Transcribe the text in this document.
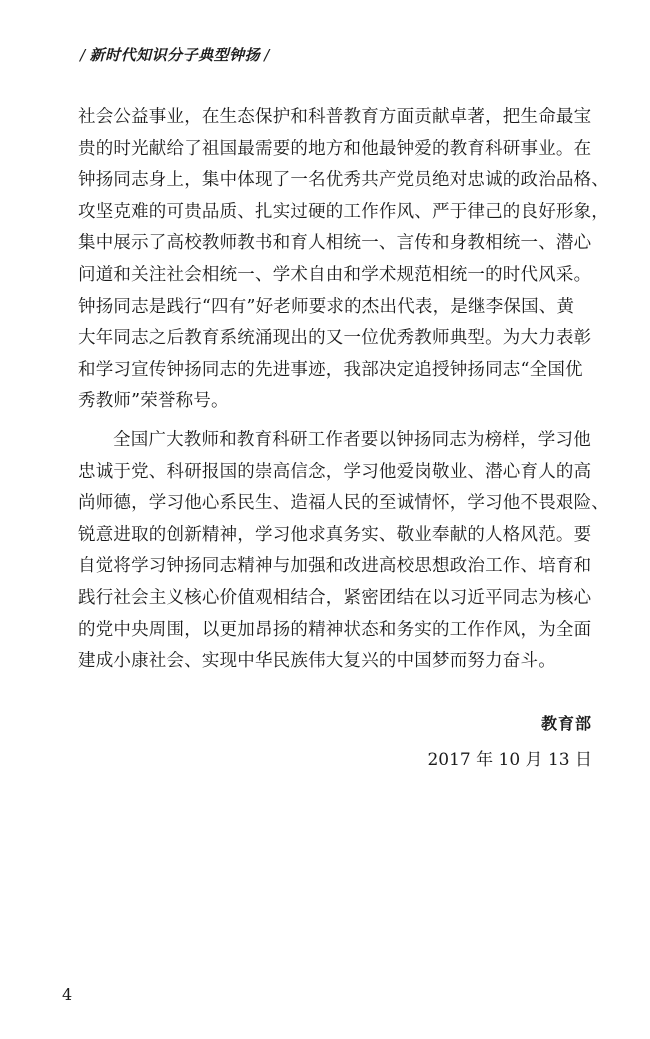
/ 新时代知识分子典型钟扬 /
社会公益事业，在生态保护和科普教育方面贡献卓著，把生命最宝
贵的时光献给了祖国最需要的地方和他最钟爱的教育科研事业。在
钟扬同志身上，集中体现了一名优秀共产党员绝对忠诚的政治品格、
攻坚克难的可贵品质、扎实过硬的工作作风、严于律己的良好形象，
集中展示了高校教师教书和育人相统一、言传和身教相统一、潜心
问道和关注社会相统一、学术自由和学术规范相统一的时代风采。
钟扬同志是践行“四有”好老师要求的杰出代表，是继李保国、黄
大年同志之后教育系统涌现出的又一位优秀教师典型。为大力表彰
和学习宣传钟扬同志的先进事迹，我部决定追授钟扬同志“全国优
秀教师”荣誉称号。
全国广大教师和教育科研工作者要以钟扬同志为榜样，学习他
忠诚于党、科研报国的崇高信念，学习他爱岗敬业、潜心育人的高
尚师德，学习他心系民生、造福人民的至诚情怀，学习他不畏艰险、
锐意进取的创新精神，学习他求真务实、敬业奉献的人格风范。要
自觉将学习钟扬同志精神与加强和改进高校思想政治工作、培育和
践行社会主义核心价值观相结合，紧密团结在以习近平同志为核心
的党中央周围，以更加昂扬的精神状态和务实的工作作风，为全面
建成小康社会、实现中华民族伟大复兴的中国梦而努力奋斗。
教育部
2017 年 10 月 13 日
4
